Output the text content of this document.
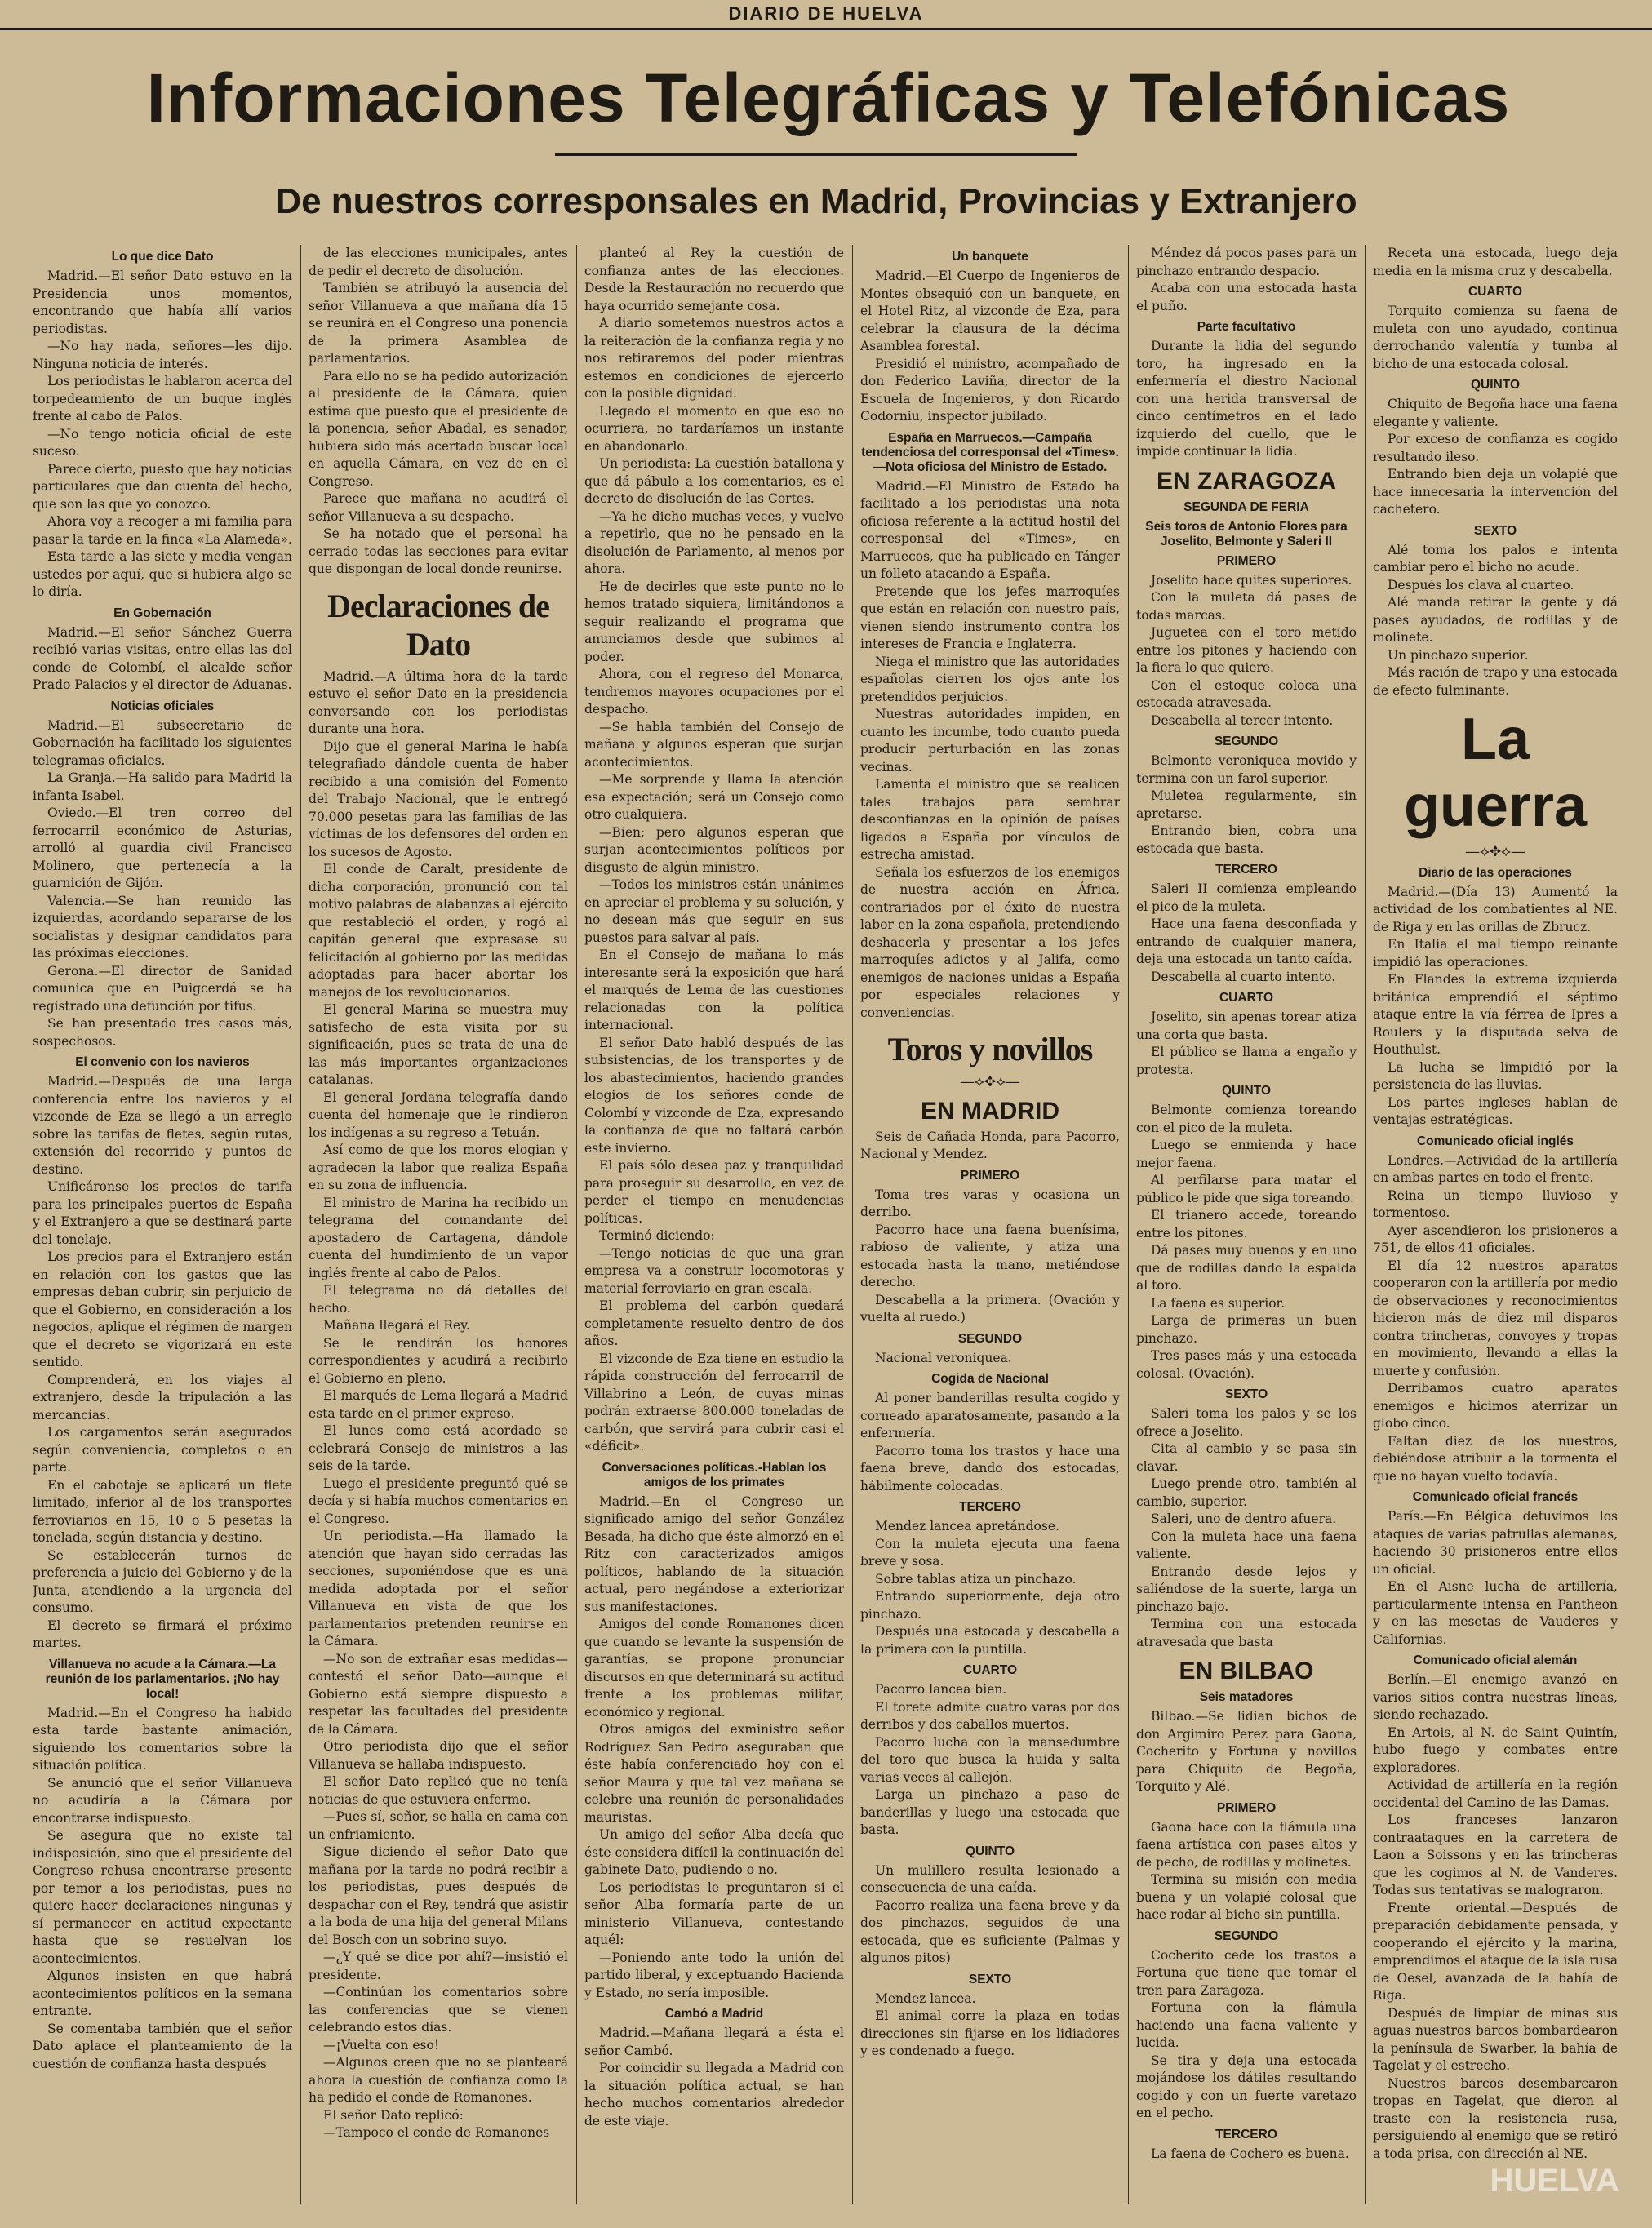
DIARIO DE HUELVA
Informaciones Telegráficas y Telefónicas
De nuestros corresponsales en Madrid, Provincias y Extranjero
Lo que dice Dato

Madrid.—El señor Dato estuvo en la Presidencia unos momentos, encontrando que había allí varios periodistas.

—No hay nada, señores—les dijo. Ninguna noticia de interés.

Los periodistas le hablaron acerca del torpedeamiento de un buque inglés frente al cabo de Palos.

—No tengo noticia oficial de este suceso.

Parece cierto, puesto que hay noticias particulares que dan cuenta del hecho, que son las que yo conozco.

Ahora voy a recoger a mi familia para pasar la tarde en la finca «La Alameda».

Esta tarde a las siete y media vengan ustedes por aquí, que si hubiera algo se lo diría.

En Gobernación

Madrid.—El señor Sánchez Guerra recibió varias visitas, entre ellas las del conde de Colombí, el alcalde señor Prado Palacios y el director de Aduanas.

Noticias oficiales

Madrid.—El subsecretario de Gobernación ha facilitado los siguientes telegramas oficiales.

La Granja.—Ha salido para Madrid la infanta Isabel.

Oviedo.—El tren correo del ferrocarril económico de Asturias, arrolló al guardia civil Francisco Molinero, que pertenecía a la guarnición de Gijón.

Valencia.—Se han reunido las izquierdas, acordando separarse de los socialistas y designar candidatos para las próximas elecciones.

Gerona.—El director de Sanidad comunica que en Puigcerdá se ha registrado una defunción por tifus.

Se han presentado tres casos más, sospechosos.

El convenio con los navieros

Madrid.—Después de una larga conferencia entre los navieros y el vizconde de Eza se llegó a un arreglo sobre las tarifas de fletes, según rutas, extensión del recorrido y puntos de destino.

Unificáronse los precios de tarifa para los principales puertos de España y el Extranjero a que se destinará parte del tonelaje.

Los precios para el Extranjero están en relación con los gastos que las empresas deban cubrir, sin perjuicio de que el Gobierno, en consideración a los negocios, aplique el régimen de margen que el decreto se vigorizará en este sentido.

Comprenderá, en los viajes al extranjero, desde la tripulación a las mercancías.

Los cargamentos serán asegurados según conveniencia, completos o en parte.

En el cabotaje se aplicará un flete limitado, inferior al de los transportes ferroviarios en 15, 10 o 5 pesetas la tonelada, según distancia y destino.

Se establecerán turnos de preferencia a juicio del Gobierno y de la Junta, atendiendo a la urgencia del consumo.

El decreto se firmará el próximo martes.

Villanueva no acude a la Cámara.—La reunión de los parlamentarios. ¡No hay local!

Madrid.—En el Congreso ha habido esta tarde bastante animación, siguiendo los comentarios sobre la situación política.

Se anunció que el señor Villanueva no acudiría a la Cámara por encontrarse indispuesto.

Se asegura que no existe tal indisposición, sino que el presidente del Congreso rehusa encontrarse presente por temor a los periodistas, pues no quiere hacer declaraciones ningunas y sí permanecer en actitud expectante hasta que se resuelvan los acontecimientos.

Algunos insisten en que habrá acontecimientos políticos en la semana entrante.

Se comentaba también que el señor Dato aplace el planteamiento de la cuestión de confianza hasta después

de las elecciones municipales, antes de pedir el decreto de disolución.

También se atribuyó la ausencia del señor Villanueva a que mañana día 15 se reunirá en el Congreso una ponencia de la primera Asamblea de parlamentarios.

Para ello no se ha pedido autorización al presidente de la Cámara, quien estima que puesto que el presidente de la ponencia, señor Abadal, es senador, hubiera sido más acertado buscar local en aquella Cámara, en vez de en el Congreso.

Parece que mañana no acudirá el señor Villanueva a su despacho.

Se ha notado que el personal ha cerrado todas las secciones para evitar que dispongan de local donde reunirse.

Declaraciones de Dato

Madrid.—A última hora de la tarde estuvo el señor Dato en la presidencia conversando con los periodistas durante una hora.

Dijo que el general Marina le había telegrafiado dándole cuenta de haber recibido a una comisión del Fomento del Trabajo Nacional, que le entregó 70.000 pesetas para las familias de las víctimas de los defensores del orden en los sucesos de Agosto.

El conde de Caralt, presidente de dicha corporación, pronunció con tal motivo palabras de alabanzas al ejército que restableció el orden, y rogó al capitán general que expresase su felicitación al gobierno por las medidas adoptadas para hacer abortar los manejos de los revolucionarios.

El general Marina se muestra muy satisfecho de esta visita por su significación, pues se trata de una de las más importantes organizaciones catalanas.

El general Jordana telegrafía dando cuenta del homenaje que le rindieron los indígenas a su regreso a Tetuán.

Así como de que los moros elogian y agradecen la labor que realiza España en su zona de influencia.

El ministro de Marina ha recibido un telegrama del comandante del apostadero de Cartagena, dándole cuenta del hundimiento de un vapor inglés frente al cabo de Palos.

El telegrama no dá detalles del hecho.

Mañana llegará el Rey.

Se le rendirán los honores correspondientes y acudirá a recibirlo el Gobierno en pleno.

El marqués de Lema llegará a Madrid esta tarde en el primer expreso.

El lunes como está acordado se celebrará Consejo de ministros a las seis de la tarde.

Luego el presidente preguntó qué se decía y si había muchos comentarios en el Congreso.

Un periodista.—Ha llamado la atención que hayan sido cerradas las secciones, suponiéndose que es una medida adoptada por el señor Villanueva en vista de que los parlamentarios pretenden reunirse en la Cámara.

—No son de extrañar esas medidas—contestó el señor Dato—aunque el Gobierno está siempre dispuesto a respetar las facultades del presidente de la Cámara.

Otro periodista dijo que el señor Villanueva se hallaba indispuesto.

El señor Dato replicó que no tenía noticias de que estuviera enfermo.

—Pues sí, señor, se halla en cama con un enfriamiento.

Sigue diciendo el señor Dato que mañana por la tarde no podrá recibir a los periodistas, pues después de despachar con el Rey, tendrá que asistir a la boda de una hija del general Milans del Bosch con un sobrino suyo.

—¿Y qué se dice por ahí?—insistió el presidente.

—Continúan los comentarios sobre las conferencias que se vienen celebrando estos días.

—¡Vuelta con eso!

—Algunos creen que no se planteará ahora la cuestión de confianza como la ha pedido el conde de Romanones.

El señor Dato replicó:

—Tampoco el conde de Romanones

planteó al Rey la cuestión de confianza antes de las elecciones. Desde la Restauración no recuerdo que haya ocurrido semejante cosa.

A diario sometemos nuestros actos a la reiteración de la confianza regia y no nos retiraremos del poder mientras estemos en condiciones de ejercerlo con la posible dignidad.

Llegado el momento en que eso no ocurriera, no tardaríamos un instante en abandonarlo.

Un periodista: La cuestión batallona y que dá pábulo a los comentarios, es el decreto de disolución de las Cortes.

—Ya he dicho muchas veces, y vuelvo a repetirlo, que no he pensado en la disolución de Parlamento, al menos por ahora.

He de decirles que este punto no lo hemos tratado siquiera, limitándonos a seguir realizando el programa que anunciamos desde que subimos al poder.

Ahora, con el regreso del Monarca, tendremos mayores ocupaciones por el despacho.

—Se habla también del Consejo de mañana y algunos esperan que surjan acontecimientos.

—Me sorprende y llama la atención esa expectación; será un Consejo como otro cualquiera.

—Bien; pero algunos esperan que surjan acontecimientos políticos por disgusto de algún ministro.

—Todos los ministros están unánimes en apreciar el problema y su solución, y no desean más que seguir en sus puestos para salvar al país.

En el Consejo de mañana lo más interesante será la exposición que hará el marqués de Lema de las cuestiones relacionadas con la política internacional.

El señor Dato habló después de las subsistencias, de los transportes y de los abastecimientos, haciendo grandes elogios de los señores conde de Colombí y vizconde de Eza, expresando la confianza de que no faltará carbón este invierno.

El país sólo desea paz y tranquilidad para proseguir su desarrollo, en vez de perder el tiempo en menudencias políticas.

Terminó diciendo:

—Tengo noticias de que una gran empresa va a construir locomotoras y material ferroviario en gran escala.

El problema del carbón quedará completamente resuelto dentro de dos años.

El vizconde de Eza tiene en estudio la rápida construcción del ferrocarril de Villabrino a León, de cuyas minas podrán extraerse 800.000 toneladas de carbón, que servirá para cubrir casi el «déficit».

Conversaciones políticas.-Hablan los amigos de los primates

Madrid.—En el Congreso un significado amigo del señor González Besada, ha dicho que éste almorzó en el Ritz con caracterizados amigos políticos, hablando de la situación actual, pero negándose a exteriorizar sus manifestaciones.

Amigos del conde Romanones dicen que cuando se levante la suspensión de garantías, se propone pronunciar discursos en que determinará su actitud frente a los problemas militar, económico y regional.

Otros amigos del exministro señor Rodríguez San Pedro aseguraban que éste había conferenciado hoy con el señor Maura y que tal vez mañana se celebre una reunión de personalidades mauristas.

Un amigo del señor Alba decía que éste considera difícil la continuación del gabinete Dato, pudiendo o no.

Los periodistas le preguntaron si el señor Alba formaría parte de un ministerio Villanueva, contestando aquél:

—Poniendo ante todo la unión del partido liberal, y exceptuando Hacienda y Estado, no sería imposible.

Cambó a Madrid

Madrid.—Mañana llegará a ésta el señor Cambó.

Por coincidir su llegada a Madrid con la situación política actual, se han hecho muchos comentarios alrededor de este viaje.

Un banquete

Madrid.—El Cuerpo de Ingenieros de Montes obsequió con un banquete, en el Hotel Ritz, al vizconde de Eza, para celebrar la clausura de la décima Asamblea forestal.

Presidió el ministro, acompañado de don Federico Laviña, director de la Escuela de Ingenieros, y don Ricardo Codorniu, inspector jubilado.

España en Marruecos.—Campaña tendenciosa del corresponsal del «Times».—Nota oficiosa del Ministro de Estado.

Madrid.—El Ministro de Estado ha facilitado a los periodistas una nota oficiosa referente a la actitud hostil del corresponsal del «Times», en Marruecos, que ha publicado en Tánger un folleto atacando a España.

Pretende que los jefes marroquíes que están en relación con nuestro país, vienen siendo instrumento contra los intereses de Francia e Inglaterra.

Niega el ministro que las autoridades españolas cierren los ojos ante los pretendidos perjuicios.

Nuestras autoridades impiden, en cuanto les incumbe, todo cuanto pueda producir perturbación en las zonas vecinas.

Lamenta el ministro que se realicen tales trabajos para sembrar desconfianzas en la opinión de países ligados a España por vínculos de estrecha amistad.

Señala los esfuerzos de los enemigos de nuestra acción en África, contrariados por el éxito de nuestra labor en la zona española, pretendiendo deshacerla y presentar a los jefes marroquíes adictos y al Jalifa, como enemigos de naciones unidas a España por especiales relaciones y conveniencias.

Toros y novillos
—⟡✥⟡—
EN MADRID

Seis de Cañada Honda, para Pacorro, Nacional y Mendez.

PRIMERO

Toma tres varas y ocasiona un derribo.

Pacorro hace una faena buenísima, rabioso de valiente, y atiza una estocada hasta la mano, metiéndose derecho.

Descabella a la primera. (Ovación y vuelta al ruedo.)

SEGUNDO

Nacional veroniquea.

Cogida de Nacional

Al poner banderillas resulta cogido y corneado aparatosamente, pasando a la enfermería.

Pacorro toma los trastos y hace una faena breve, dando dos estocadas, hábilmente colocadas.

TERCERO

Mendez lancea apretándose.

Con la muleta ejecuta una faena breve y sosa.

Sobre tablas atiza un pinchazo.

Entrando superiormente, deja otro pinchazo.

Después una estocada y descabella a la primera con la puntilla.

CUARTO

Pacorro lancea bien.

El torete admite cuatro varas por dos derribos y dos caballos muertos.

Pacorro lucha con la mansedumbre del toro que busca la huida y salta varias veces al callejón.

Larga un pinchazo a paso de banderillas y luego una estocada que basta.

QUINTO

Un mulillero resulta lesionado a consecuencia de una caída.

Pacorro realiza una faena breve y da dos pinchazos, seguidos de una estocada, que es suficiente (Palmas y algunos pitos)

SEXTO

Mendez lancea.

El animal corre la plaza en todas direcciones sin fijarse en los lidiadores y es condenado a fuego.

Méndez dá pocos pases para un pinchazo entrando despacio.

Acaba con una estocada hasta el puño.

Parte facultativo

Durante la lidia del segundo toro, ha ingresado en la enfermería el diestro Nacional con una herida transversal de cinco centímetros en el lado izquierdo del cuello, que le impide continuar la lidia.

EN ZARAGOZA
SEGUNDA DE FERIA
Seis toros de Antonio Flores para Joselito, Belmonte y Saleri II
PRIMERO

Joselito hace quites superiores.

Con la muleta dá pases de todas marcas.

Juguetea con el toro metido entre los pitones y haciendo con la fiera lo que quiere.

Con el estoque coloca una estocada atravesada.

Descabella al tercer intento.

SEGUNDO

Belmonte veroniquea movido y termina con un farol superior.

Muletea regularmente, sin apretarse.

Entrando bien, cobra una estocada que basta.

TERCERO

Saleri II comienza empleando el pico de la muleta.

Hace una faena desconfiada y entrando de cualquier manera, deja una estocada un tanto caída.

Descabella al cuarto intento.

CUARTO

Joselito, sin apenas torear atiza una corta que basta.

El público se llama a engaño y protesta.

QUINTO

Belmonte comienza toreando con el pico de la muleta.

Luego se enmienda y hace mejor faena.

Al perfilarse para matar el público le pide que siga toreando.

El trianero accede, toreando entre los pitones.

Dá pases muy buenos y en uno que de rodillas dando la espalda al toro.

La faena es superior.

Larga de primeras un buen pinchazo.

Tres pases más y una estocada colosal. (Ovación).

SEXTO

Saleri toma los palos y se los ofrece a Joselito.

Cita al cambio y se pasa sin clavar.

Luego prende otro, también al cambio, superior.

Saleri, uno de dentro afuera.

Con la muleta hace una faena valiente.

Entrando desde lejos y saliéndose de la suerte, larga un pinchazo bajo.

Termina con una estocada atravesada que basta

EN BILBAO
Seis matadores

Bilbao.—Se lidian bichos de don Argimiro Perez para Gaona, Cocherito y Fortuna y novillos para Chiquito de Begoña, Torquito y Alé.

PRIMERO

Gaona hace con la flámula una faena artística con pases altos y de pecho, de rodillas y molinetes.

Termina su misión con media buena y un volapié colosal que hace rodar al bicho sin puntilla.

SEGUNDO

Cocherito cede los trastos a Fortuna que tiene que tomar el tren para Zaragoza.

Fortuna con la flámula haciendo una faena valiente y lucida.

Se tira y deja una estocada mojándose los dátiles resultando cogido y con un fuerte varetazo en el pecho.

TERCERO

La faena de Cochero es buena.

Receta una estocada, luego deja media en la misma cruz y descabella.

CUARTO

Torquito comienza su faena de muleta con uno ayudado, continua derrochando valentía y tumba al bicho de una estocada colosal.

QUINTO

Chiquito de Begoña hace una faena elegante y valiente.

Por exceso de confianza es cogido resultando ileso.

Entrando bien deja un volapié que hace innecesaria la intervención del cachetero.

SEXTO

Alé toma los palos e intenta cambiar pero el bicho no acude.

Después los clava al cuarteo.

Alé manda retirar la gente y dá pases ayudados, de rodillas y de molinete.

Un pinchazo superior.

Más ración de trapo y una estocada de efecto fulminante.

La guerra
—⟡✥⟡—
Diario de las operaciones

Madrid.—(Día 13) Aumentó la actividad de los combatientes al NE. de Riga y en las orillas de Zbrucz.

En Italia el mal tiempo reinante impidió las operaciones.

En Flandes la extrema izquierda británica emprendió el séptimo ataque entre la vía férrea de Ipres a Roulers y la disputada selva de Houthulst.

La lucha se limpidió por la persistencia de las lluvias.

Los partes ingleses hablan de ventajas estratégicas.

Comunicado oficial inglés

Londres.—Actividad de la artillería en ambas partes en todo el frente.

Reina un tiempo lluvioso y tormentoso.

Ayer ascendieron los prisioneros a 751, de ellos 41 oficiales.

El día 12 nuestros aparatos cooperaron con la artillería por medio de observaciones y reconocimientos hicieron más de diez mil disparos contra trincheras, convoyes y tropas en movimiento, llevando a ellas la muerte y confusión.

Derribamos cuatro aparatos enemigos e hicimos aterrizar un globo cinco.

Faltan diez de los nuestros, debiéndose atribuir a la tormenta el que no hayan vuelto todavía.

Comunicado oficial francés

París.—En Bélgica detuvimos los ataques de varias patrullas alemanas, haciendo 30 prisioneros entre ellos un oficial.

En el Aisne lucha de artillería, particularmente intensa en Pantheon y en las mesetas de Vauderes y Californias.

Comunicado oficial alemán

Berlín.—El enemigo avanzó en varios sitios contra nuestras líneas, siendo rechazado.

En Artois, al N. de Saint Quintín, hubo fuego y combates entre exploradores.

Actividad de artillería en la región occidental del Camino de las Damas.

Los franceses lanzaron contraataques en la carretera de Laon a Soissons y en las trincheras que les cogimos al N. de Vanderes. Todas sus tentativas se malograron.

Frente oriental.—Después de preparación debidamente pensada, y cooperando el ejército y la marina, emprendimos el ataque de la isla rusa de Oesel, avanzada de la bahía de Riga.

Después de limpiar de minas sus aguas nuestros barcos bombardearon la península de Swarber, la bahía de Tagelat y el estrecho.

Nuestros barcos desembarcaron tropas en Tagelat, que dieron al traste con la resistencia rusa, persiguiendo al enemigo que se retiró a toda prisa, con dirección al NE.

HUELVA
